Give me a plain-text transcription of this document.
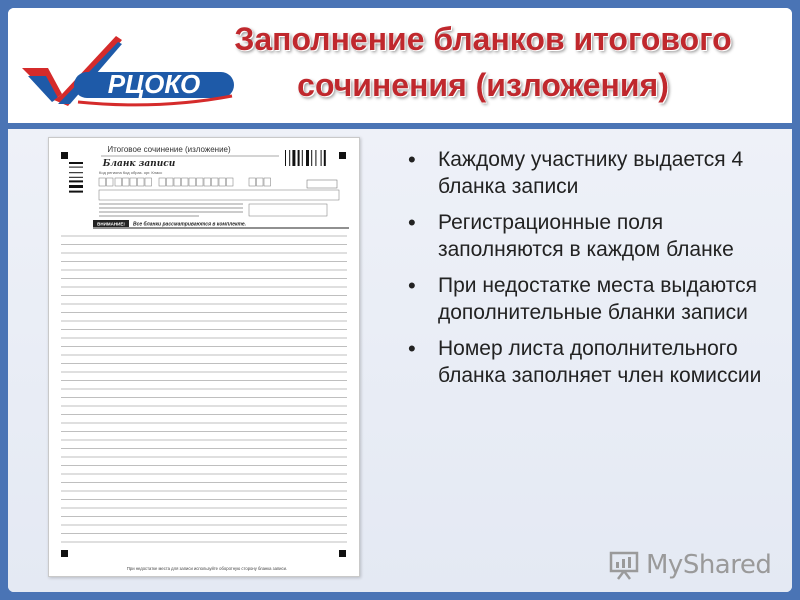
РЦОКО
Заполнение бланков итогового
сочинения (изложения)
Итоговое сочинение (изложение)
Бланк записи
Код региона Код образ. орг. Класс
ВНИМАНИЕ! Все бланки рассматриваются в комплекте.
При недостатке места для записи используйте оборотную сторону бланка записи.
• Каждому участнику выдается 4 бланка записи
• Регистрационные поля заполняются в каждом бланке
• При недостатке места выдаются дополнительные бланки записи
• Номер листа дополнительного бланка заполняет член комиссии
MyShared
